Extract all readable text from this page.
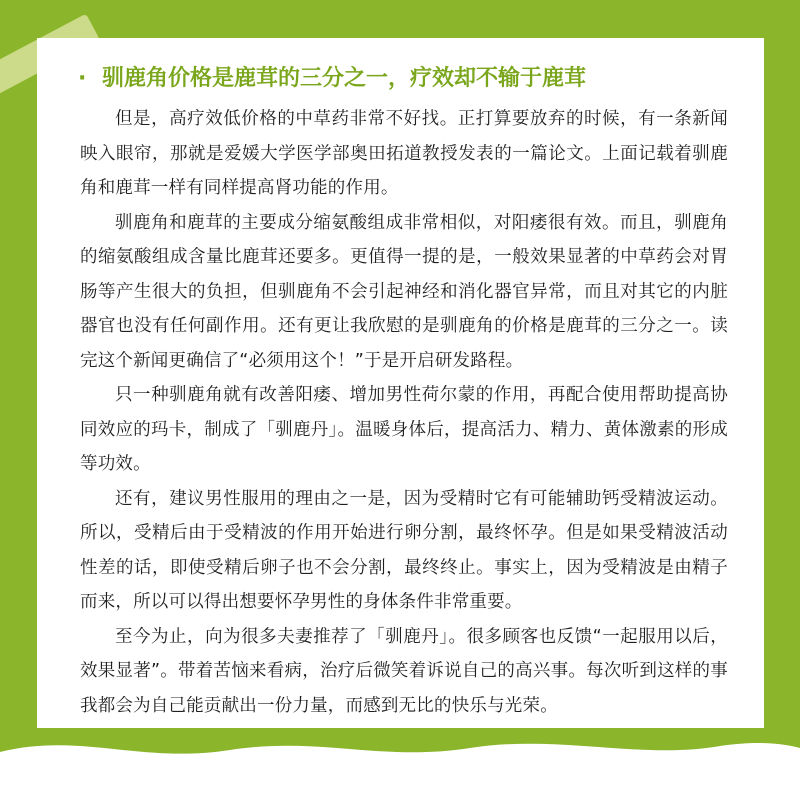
· 驯鹿角价格是鹿茸的三分之一，疗效却不输于鹿茸

但是，高疗效低价格的中草药非常不好找。正打算要放弃的时候，有一条新闻映入眼帘，那就是爱媛大学医学部奥田拓道教授发表的一篇论文。上面记载着驯鹿角和鹿茸一样有同样提高肾功能的作用。

驯鹿角和鹿茸的主要成分缩氨酸组成非常相似，对阳痿很有效。而且，驯鹿角的缩氨酸组成含量比鹿茸还要多。更值得一提的是，一般效果显著的中草药会对胃肠等产生很大的负担，但驯鹿角不会引起神经和消化器官异常，而且对其它的内脏器官也没有任何副作用。还有更让我欣慰的是驯鹿角的价格是鹿茸的三分之一。读完这个新闻更确信了“必须用这个！”于是开启研发路程。

只一种驯鹿角就有改善阳痿、增加男性荷尔蒙的作用，再配合使用帮助提高协同效应的玛卡，制成了「驯鹿丹」。温暖身体后，提高活力、精力、黄体激素的形成等功效。

还有，建议男性服用的理由之一是，因为受精时它有可能辅助钙受精波运动。所以，受精后由于受精波的作用开始进行卵分割，最终怀孕。但是如果受精波活动性差的话，即使受精后卵子也不会分割，最终终止。事实上，因为受精波是由精子而来，所以可以得出想要怀孕男性的身体条件非常重要。

至今为止，向为很多夫妻推荐了「驯鹿丹」。很多顾客也反馈“一起服用以后，效果显著”。带着苦恼来看病，治疗后微笑着诉说自己的高兴事。每次听到这样的事我都会为自己能贡献出一份力量，而感到无比的快乐与光荣。
